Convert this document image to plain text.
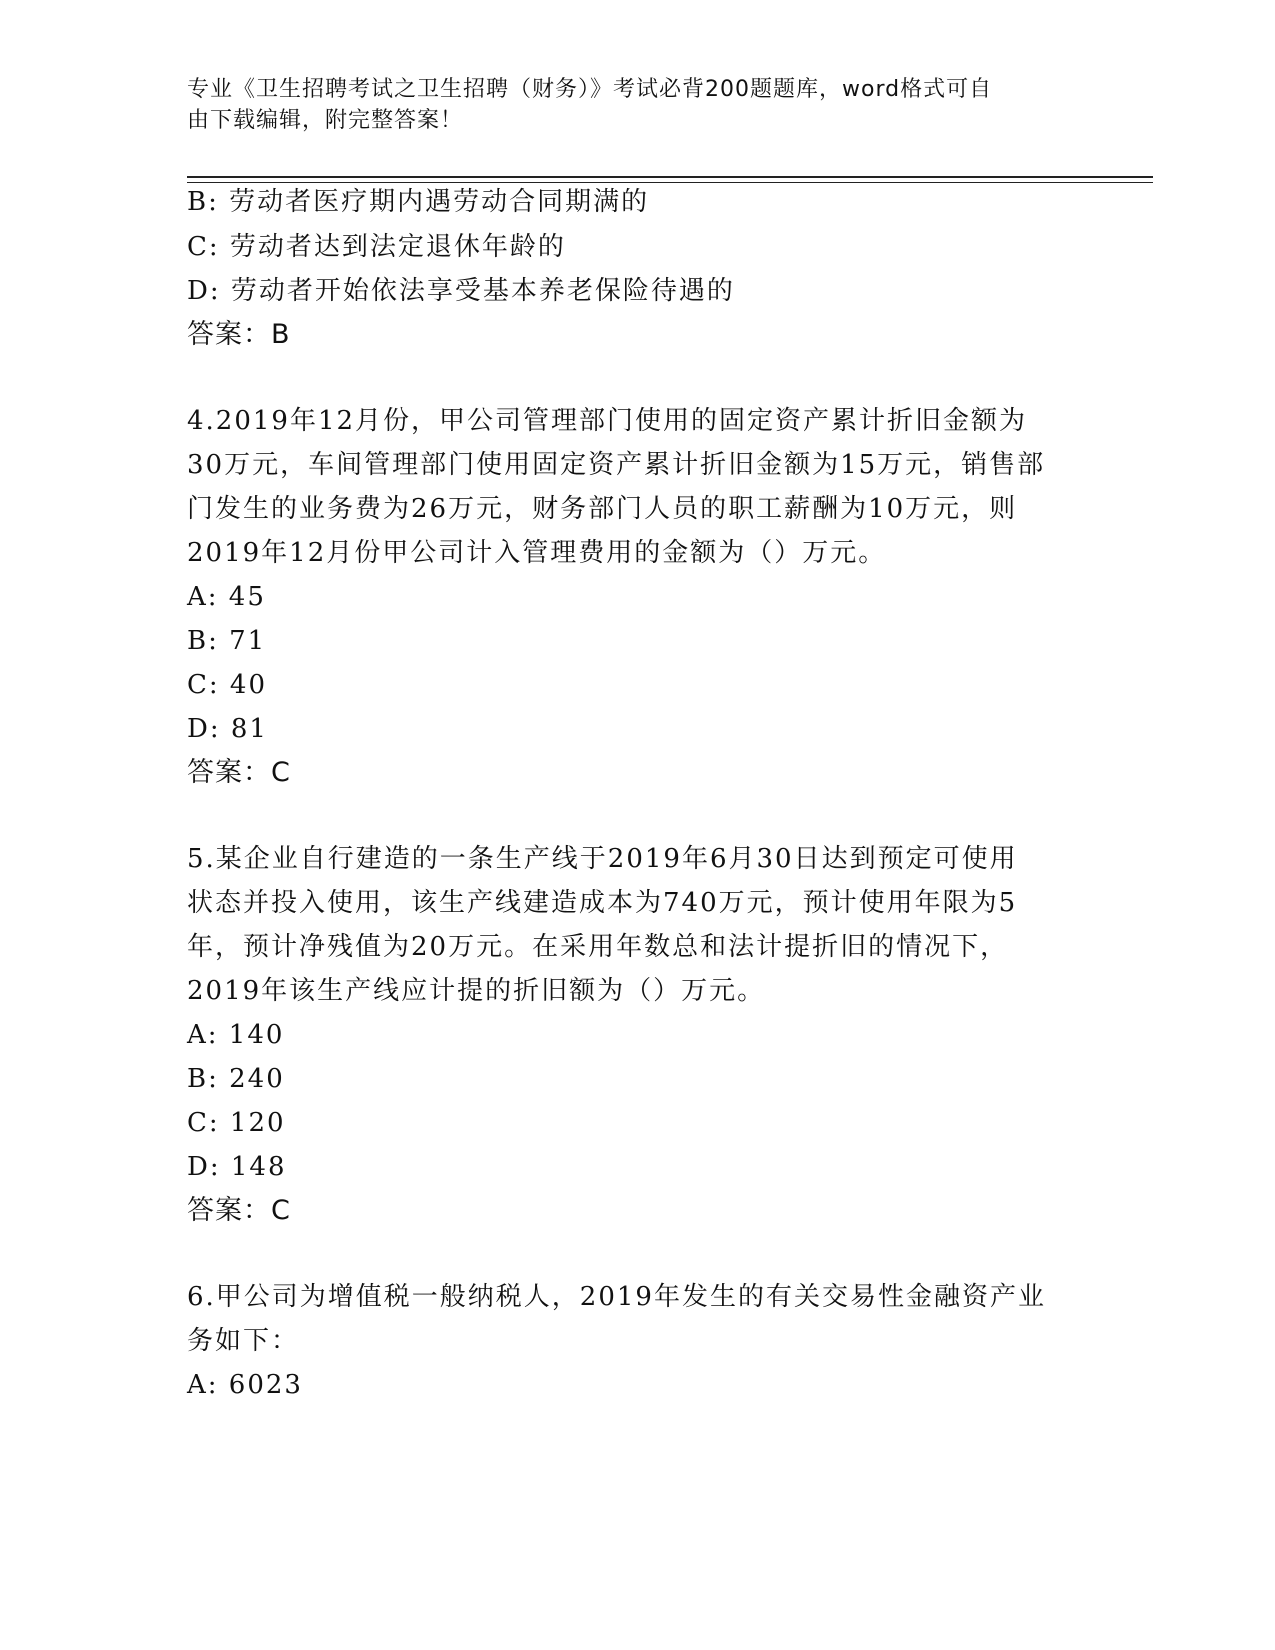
专业《卫生招聘考试之卫生招聘（财务）》考试必背200题题库，word格式可自
由下载编辑，附完整答案！
B: 劳动者医疗期内遇劳动合同期满的
C: 劳动者达到法定退休年龄的
D: 劳动者开始依法享受基本养老保险待遇的
答案：B
4.2019年12月份，甲公司管理部门使用的固定资产累计折旧金额为
30万元，车间管理部门使用固定资产累计折旧金额为15万元，销售部
门发生的业务费为26万元，财务部门人员的职工薪酬为10万元，则
2019年12月份甲公司计入管理费用的金额为（）万元。
A: 45
B: 71
C: 40
D: 81
答案：C
5.某企业自行建造的一条生产线于2019年6月30日达到预定可使用
状态并投入使用，该生产线建造成本为740万元，预计使用年限为5
年，预计净残值为20万元。在采用年数总和法计提折旧的情况下，
2019年该生产线应计提的折旧额为（）万元。
A: 140
B: 240
C: 120
D: 148
答案：C
6.甲公司为增值税一般纳税人，2019年发生的有关交易性金融资产业
务如下：
A: 6023
